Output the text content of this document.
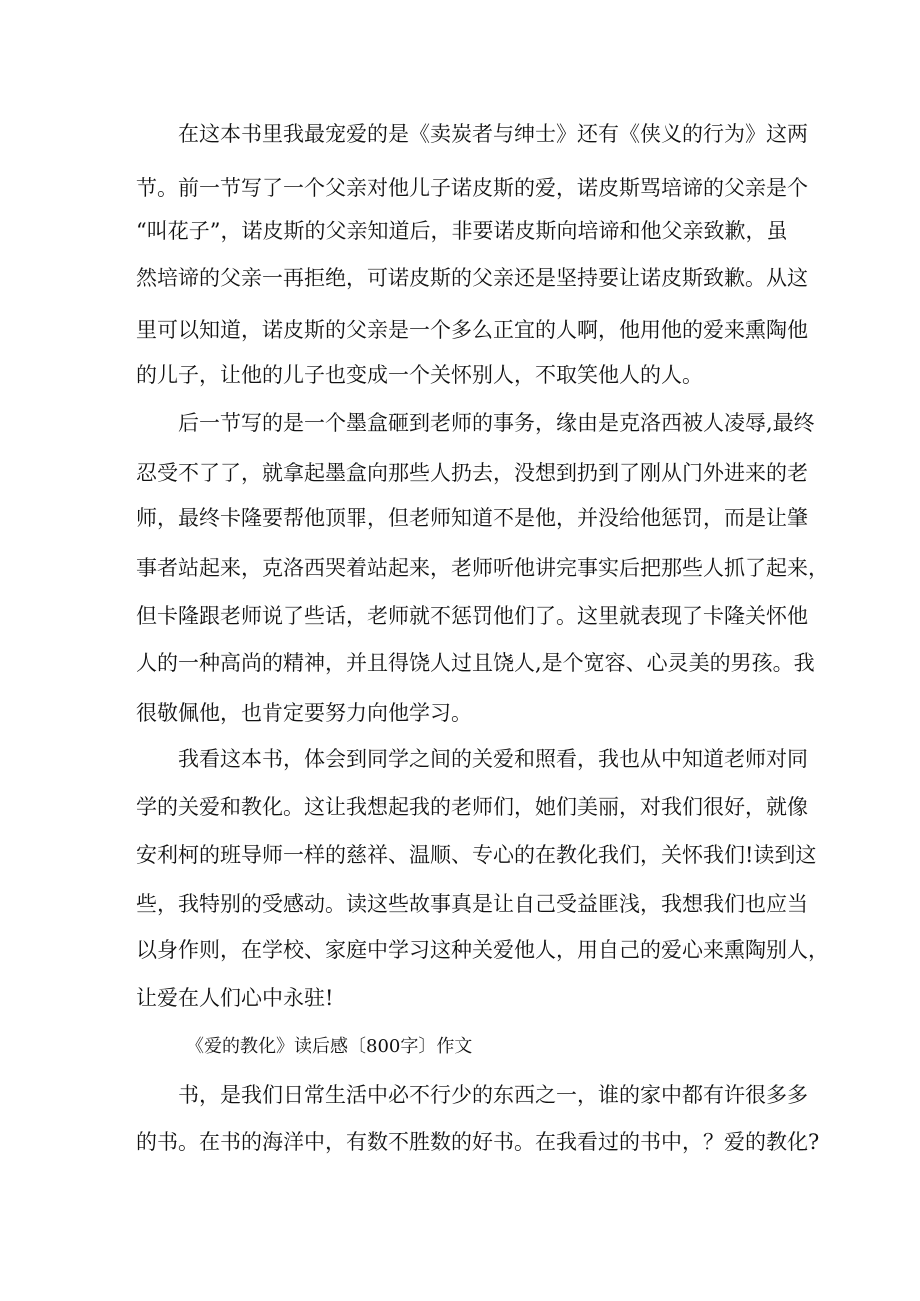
在这本书里我最宠爱的是《卖炭者与绅士》还有《侠义的行为》这两
节。前一节写了一个父亲对他儿子诺皮斯的爱，诺皮斯骂培谛的父亲是个
“叫花子”，诺皮斯的父亲知道后，非要诺皮斯向培谛和他父亲致歉，虽
然培谛的父亲一再拒绝，可诺皮斯的父亲还是坚持要让诺皮斯致歉。从这
里可以知道，诺皮斯的父亲是一个多么正宜的人啊，他用他的爱来熏陶他
的儿子，让他的儿子也变成一个关怀别人，不取笑他人的人。
后一节写的是一个墨盒砸到老师的事务，缘由是克洛西被人凌辱,最终
忍受不了了，就拿起墨盒向那些人扔去，没想到扔到了刚从门外进来的老
师，最终卡隆要帮他顶罪，但老师知道不是他，并没给他惩罚，而是让肇
事者站起来，克洛西哭着站起来，老师听他讲完事实后把那些人抓了起来，
但卡隆跟老师说了些话，老师就不惩罚他们了。这里就表现了卡隆关怀他
人的一种高尚的精神，并且得饶人过且饶人,是个宽容、心灵美的男孩。我
很敬佩他，也肯定要努力向他学习。
我看这本书，体会到同学之间的关爱和照看，我也从中知道老师对同
学的关爱和教化。这让我想起我的老师们，她们美丽，对我们很好，就像
安利柯的班导师一样的慈祥、温顺、专心的在教化我们，关怀我们!读到这
些，我特别的受感动。读这些故事真是让自己受益匪浅，我想我们也应当
以身作则，在学校、家庭中学习这种关爱他人，用自己的爱心来熏陶别人，
让爱在人们心中永驻!
《爱的教化》读后感〔800字〕作文
书，是我们日常生活中必不行少的东西之一，谁的家中都有许很多多
的书。在书的海洋中，有数不胜数的好书。在我看过的书中，？爱的教化?
